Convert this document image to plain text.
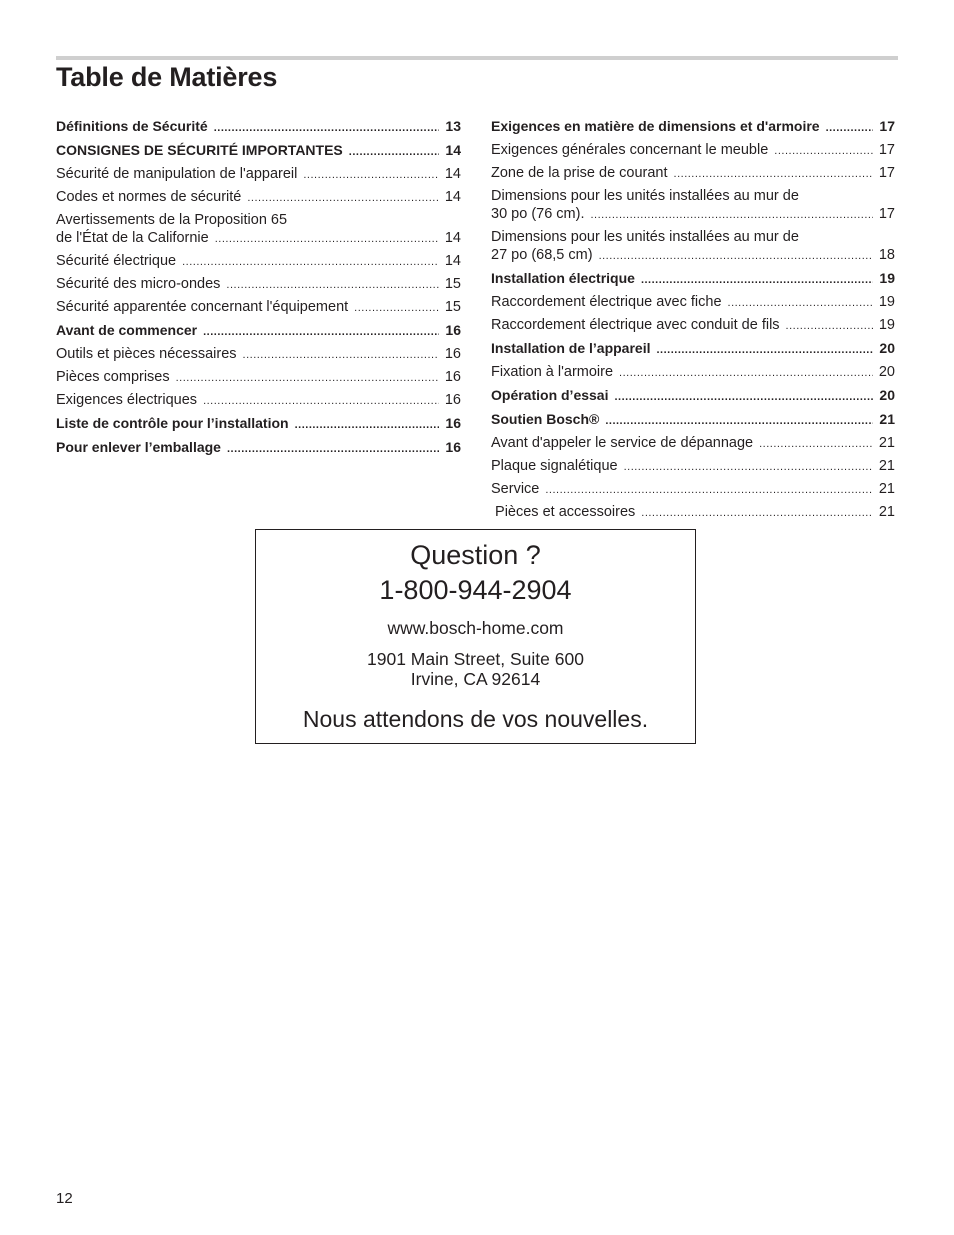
Table de Matières
Définitions de Sécurité .....	13
CONSIGNES DE SÉCURITÉ IMPORTANTES .....	14
Sécurité de manipulation de l'appareil .....	14
Codes et normes de sécurité .....	14
Avertissements de la Proposition 65
de l'État de la Californie .....	14
Sécurité électrique .....	14
Sécurité des micro-ondes .....	15
Sécurité apparentée concernant l'équipement .....	15
Avant de commencer .....	16
Outils et pièces nécessaires .....	16
Pièces comprises .....	16
Exigences électriques .....	16
Liste de contrôle pour l’installation .....	16
Pour enlever l’emballage .....	16
Exigences en matière de dimensions et d'armoire .....	17
Exigences générales concernant le meuble .....	17
Zone de la prise de courant .....	17
Dimensions pour les unités installées au mur de
30 po (76 cm). .....	17
Dimensions pour les unités installées au mur de
27 po (68,5 cm) .....	18
Installation électrique .....	19
Raccordement électrique avec fiche .....	19
Raccordement électrique avec conduit de fils .....	19
Installation de l’appareil .....	20
Fixation à l'armoire .....	20
Opération d’essai .....	20
Soutien Bosch® .....	21
Avant d'appeler le service de dépannage .....	21
Plaque signalétique .....	21
Service .....	21
Pièces et accessoires .....	21
Question ?
1-800-944-2904
www.bosch-home.com
1901 Main Street, Suite 600
Irvine, CA 92614
Nous attendons de vos nouvelles.
12
